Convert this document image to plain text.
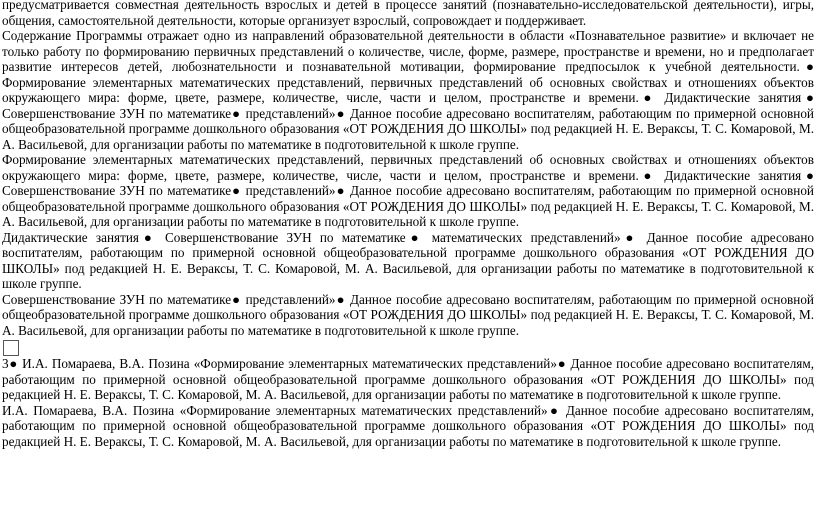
предусматривается совместная деятельность взрослых и детей в процессе занятий (познавательно-исследовательской деятельности), игры, общения, самостоятельной деятельности, которые организует взрослый, сопровождает и поддерживает.

Содержание Программы отражает одно из направлений образовательной деятельности в области «Познавательное развитие» и включает не только работу по формированию первичных представлений о количестве, числе, форме, размере, пространстве и времени, но и предполагает развитие интересов детей, любознательности и познавательной мотивации, формирование предпосылок к учебной деятельности.● Формирование элементарных математических представлений, первичных представлений об основных свойствах и отношениях объектов окружающего мира: форме, цвете, размере, количестве, числе, части и целом, пространстве и времени.● Дидактические занятия● Совершенствование ЗУН по математике● представлений»● Данное пособие адресовано воспитателям, работающим по примерной основной общеобразовательной программе дошкольного образования «ОТ РОЖДЕНИЯ ДО ШКОЛЫ» под редакцией Н. Е. Вераксы, Т. С. Комаровой, М. А. Васильевой, для организации работы по математике в подготовительной к школе группе.

Формирование элементарных математических представлений, первичных представлений об основных свойствах и отношениях объектов окружающего мира: форме, цвете, размере, количестве, числе, части и целом, пространстве и времени.● Дидактические занятия● Совершенствование ЗУН по математике● представлений»● Данное пособие адресовано воспитателям, работающим по примерной основной общеобразовательной программе дошкольного образования «ОТ РОЖДЕНИЯ ДО ШКОЛЫ» под редакцией Н. Е. Вераксы, Т. С. Комаровой, М. А. Васильевой, для организации работы по математике в подготовительной к школе группе.

Дидактические занятия● Совершенствование ЗУН по математике● математических представлений»● Данное пособие адресовано воспитателям, работающим по примерной основной общеобразовательной программе дошкольного образования «ОТ РОЖДЕНИЯ ДО ШКОЛЫ» под редакцией Н. Е. Вераксы, Т. С. Комаровой, М. А. Васильевой, для организации работы по математике в подготовительной к школе группе.

Совершенствование ЗУН по математике● представлений»● Данное пособие адресовано воспитателям, работающим по примерной основной общеобразовательной программе дошкольного образования «ОТ РОЖДЕНИЯ ДО ШКОЛЫ» под редакцией Н. Е. Вераксы, Т. С. Комаровой, М. А. Васильевой, для организации работы по математике в подготовительной к школе группе.

3● И.А. Помараева, В.А. Позина «Формирование элементарных математических представлений»● Данное пособие адресовано воспитателям, работающим по примерной основной общеобразовательной программе дошкольного образования «ОТ РОЖДЕНИЯ ДО ШКОЛЫ» под редакцией Н. Е. Вераксы, Т. С. Комаровой, М. А. Васильевой, для организации работы по математике в подготовительной к школе группе.

И.А. Помараева, В.А. Позина «Формирование элементарных математических представлений»● Данное пособие адресовано воспитателям, работающим по примерной основной общеобразовательной программе дошкольного образования «ОТ РОЖДЕНИЯ ДО ШКОЛЫ» под редакцией Н. Е. Вераксы, Т. С. Комаровой, М. А. Васильевой, для организации работы по математике в подготовительной к школе группе.
